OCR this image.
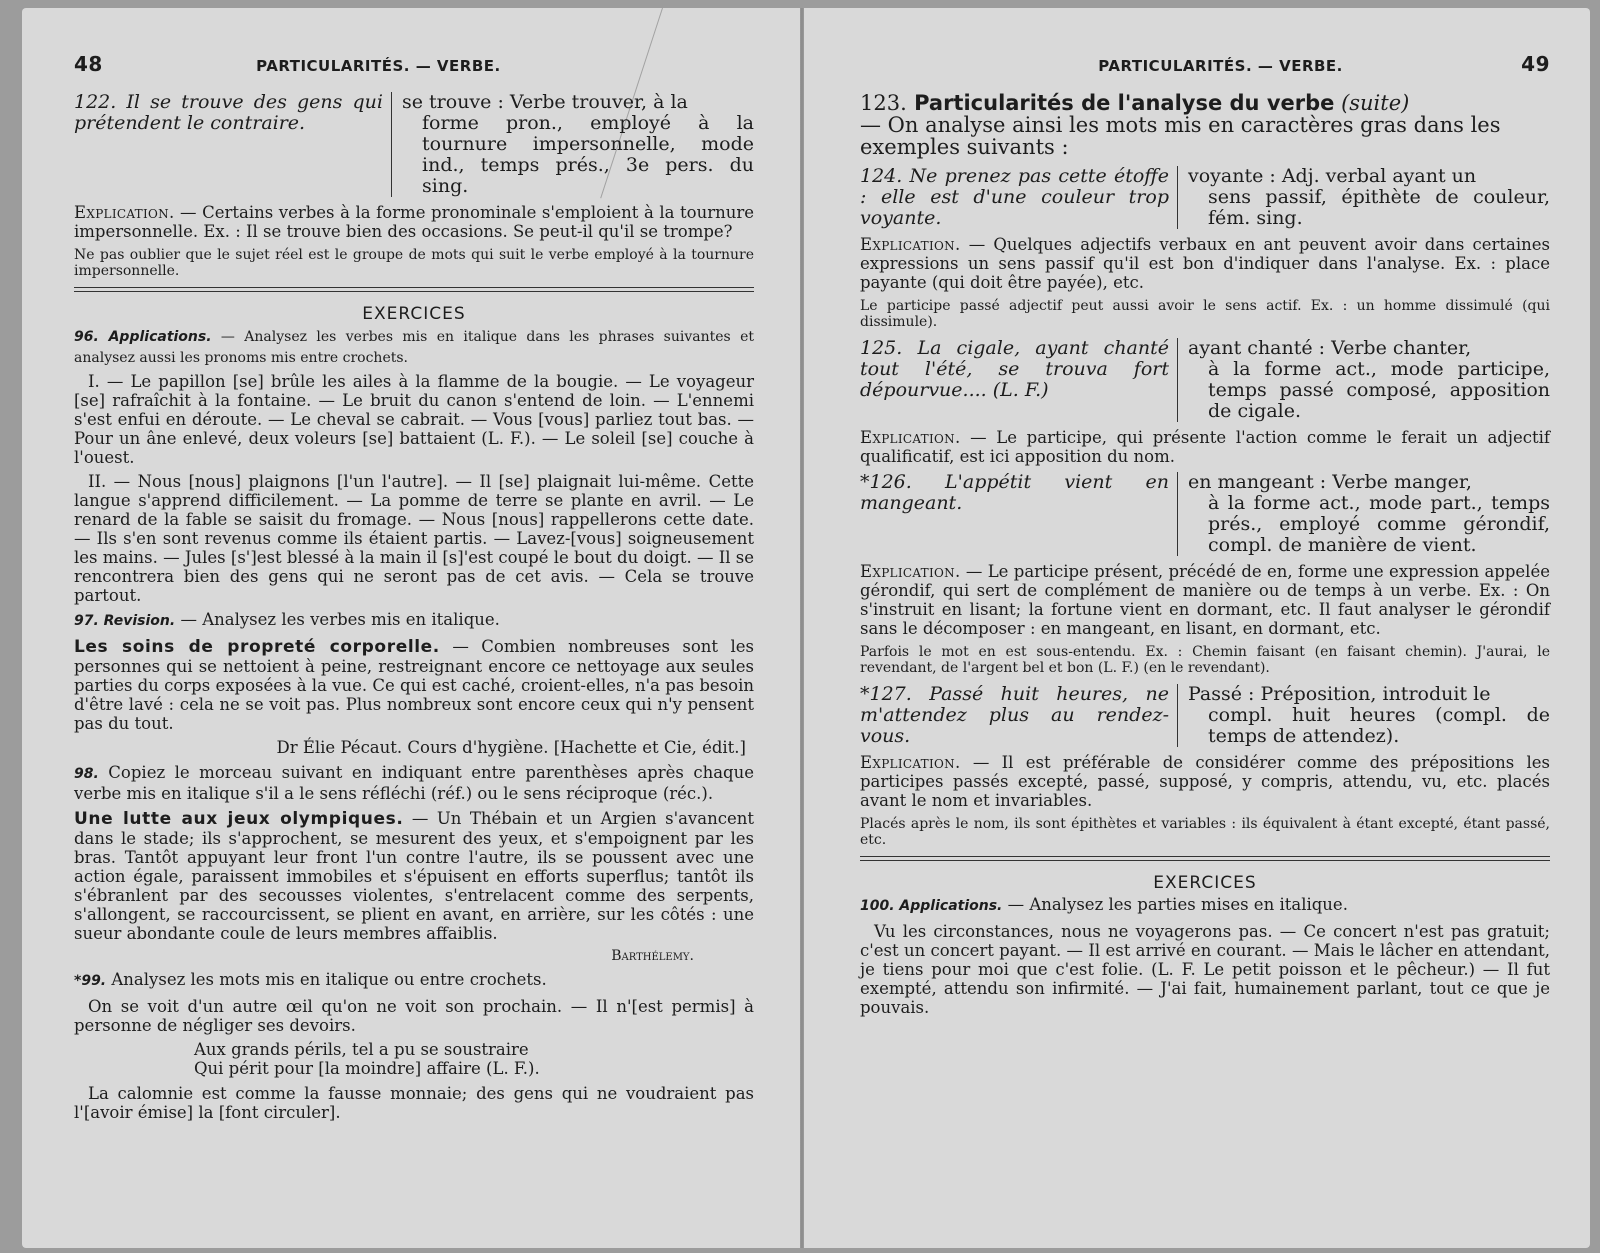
48	PARTICULARITÉS. — VERBE.
122. Il se trouve des gens qui prétendent le contraire.
se trouve : Verbe trouver, à la
forme pron., employé à la tournure impersonnelle, mode ind., temps prés., 3e pers. du sing.

Explication. — Certains verbes à la forme pronominale s'emploient à la tournure impersonnelle. Ex. : Il se trouve bien des occasions. Se peut-il qu'il se trompe?

Ne pas oublier que le sujet réel est le groupe de mots qui suit le verbe employé à la tournure impersonnelle.

EXERCICES

96. Applications. — Analysez les verbes mis en italique dans les phrases suivantes et analysez aussi les pronoms mis entre crochets.

I. — Le papillon [se] brûle les ailes à la flamme de la bougie. — Le voyageur [se] rafraîchit à la fontaine. — Le bruit du canon s'entend de loin. — L'ennemi s'est enfui en déroute. — Le cheval se cabrait. — Vous [vous] parliez tout bas. — Pour un âne enlevé, deux voleurs [se] battaient (L. F.). — Le soleil [se] couche à l'ouest.

II. — Nous [nous] plaignons [l'un l'autre]. — Il [se] plaignait lui-même. Cette langue s'apprend difficilement. — La pomme de terre se plante en avril. — Le renard de la fable se saisit du fromage. — Nous [nous] rappellerons cette date. — Ils s'en sont revenus comme ils étaient partis. — Lavez-[vous] soigneusement les mains. — Jules [s']est blessé à la main il [s]'est coupé le bout du doigt. — Il se rencontrera bien des gens qui ne seront pas de cet avis. — Cela se trouve partout.

97. Revision. — Analysez les verbes mis en italique.

Les soins de propreté corporelle. — Combien nombreuses sont les personnes qui se nettoient à peine, restreignant encore ce nettoyage aux seules parties du corps exposées à la vue. Ce qui est caché, croient-elles, n'a pas besoin d'être lavé : cela ne se voit pas. Plus nombreux sont encore ceux qui n'y pensent pas du tout.

Dr Élie Pécaut. Cours d'hygiène. [Hachette et Cie, édit.]

98. Copiez le morceau suivant en indiquant entre parenthèses après chaque verbe mis en italique s'il a le sens réfléchi (réf.) ou le sens réciproque (réc.).

Une lutte aux jeux olympiques. — Un Thébain et un Argien s'avancent dans le stade; ils s'approchent, se mesurent des yeux, et s'empoignent par les bras. Tantôt appuyant leur front l'un contre l'autre, ils se poussent avec une action égale, paraissent immobiles et s'épuisent en efforts superflus; tantôt ils s'ébranlent par des secousses violentes, s'entrelacent comme des serpents, s'allongent, se raccourcissent, se plient en avant, en arrière, sur les côtés : une sueur abondante coule de leurs membres affaiblis.

Barthélemy.

*99. Analysez les mots mis en italique ou entre crochets.

On se voit d'un autre œil qu'on ne voit son prochain. — Il n'[est permis] à personne de négliger ses devoirs.

Aux grands périls, tel a pu se soustraire
Qui périt pour [la moindre] affaire (L. F.).

La calomnie est comme la fausse monnaie; des gens qui ne voudraient pas l'[avoir émise] la [font circuler].

PARTICULARITÉS. — VERBE.	49

123. Particularités de l'analyse du verbe (suite)
— On analyse ainsi les mots mis en caractères gras dans les exemples suivants :

124. Ne prenez pas cette étoffe : elle est d'une couleur trop voyante.
voyante : Adj. verbal ayant un
sens passif, épithète de couleur, fém. sing.

Explication. — Quelques adjectifs verbaux en ant peuvent avoir dans certaines expressions un sens passif qu'il est bon d'indiquer dans l'analyse. Ex. : place payante (qui doit être payée), etc.

Le participe passé adjectif peut aussi avoir le sens actif. Ex. : un homme dissimulé (qui dissimule).

125. La cigale, ayant chanté tout l'été, se trouva fort dépourvue.... (L. F.)
ayant chanté : Verbe chanter,
à la forme act., mode participe, temps passé composé, apposition de cigale.

Explication. — Le participe, qui présente l'action comme le ferait un adjectif qualificatif, est ici apposition du nom.

*126. L'appétit vient en mangeant.
en mangeant : Verbe manger,
à la forme act., mode part., temps prés., employé comme gérondif, compl. de manière de vient.

Explication. — Le participe présent, précédé de en, forme une expression appelée gérondif, qui sert de complément de manière ou de temps à un verbe. Ex. : On s'instruit en lisant; la fortune vient en dormant, etc. Il faut analyser le gérondif sans le décomposer : en mangeant, en lisant, en dormant, etc.

Parfois le mot en est sous-entendu. Ex. : Chemin faisant (en faisant chemin). J'aurai, le revendant, de l'argent bel et bon (L. F.) (en le revendant).

*127. Passé huit heures, ne m'attendez plus au rendez-vous.
Passé : Préposition, introduit le
compl. huit heures (compl. de temps de attendez).

Explication. — Il est préférable de considérer comme des prépositions les participes passés excepté, passé, supposé, y compris, attendu, vu, etc. placés avant le nom et invariables.

Placés après le nom, ils sont épithètes et variables : ils équivalent à étant excepté, étant passé, etc.

EXERCICES

100. Applications. — Analysez les parties mises en italique.

Vu les circonstances, nous ne voyagerons pas. — Ce concert n'est pas gratuit; c'est un concert payant. — Il est arrivé en courant. — Mais le lâcher en attendant, je tiens pour moi que c'est folie. (L. F. Le petit poisson et le pêcheur.) — Il fut exempté, attendu son infirmité. — J'ai fait, humainement parlant, tout ce que je pouvais.
